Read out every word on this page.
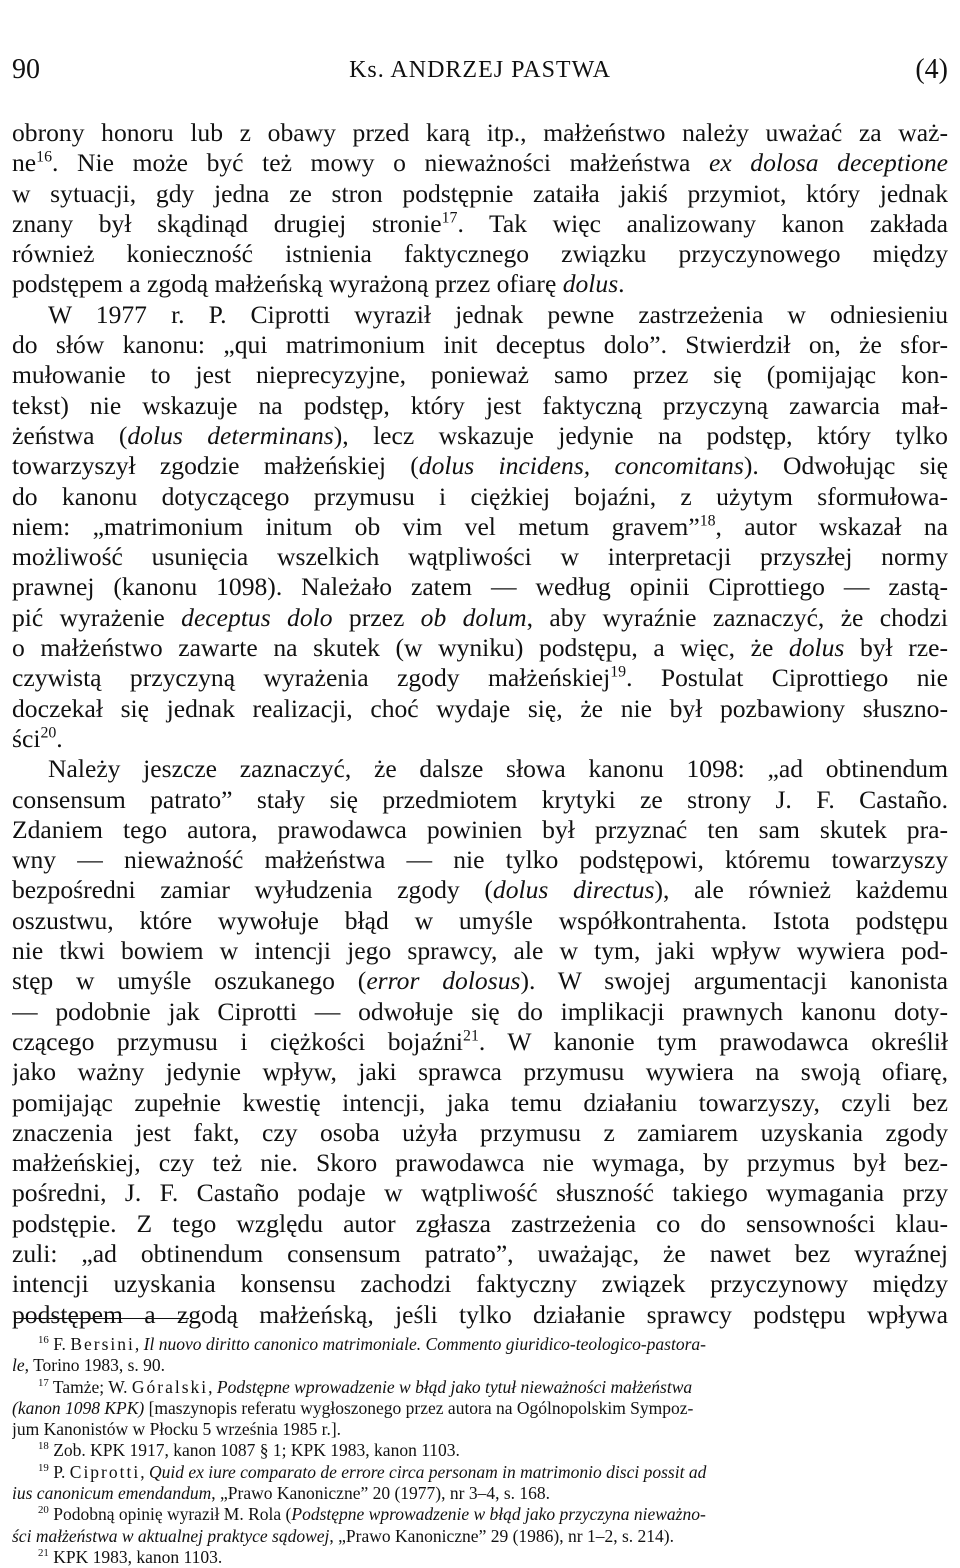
90	Ks. ANDRZEJ PASTWA	(4)

obrony honoru lub z obawy przed karą itp., małżeństwo należy uważać za waż-
$ne^{16}$. Nie może być też mowy o nieważności małżeństwa ex dolosa deceptione
w sytuacji, gdy jedna ze stron podstępnie zataiła jakiś przymiot, który jednak
znany był skądinąd drugiej stronie$^{17}$. Tak więc analizowany kanon zakłada
również konieczność istnienia faktycznego związku przyczynowego między
podstępem a zgodą małżeńską wyrażoną przez ofiarę dolus.

W 1977 r. P. Ciprotti wyraził jednak pewne zastrzeżenia w odniesieniu
do słów kanonu: „qui matrimonium init deceptus dolo”. Stwierdził on, że sfor-
mułowanie to jest nieprecyzyjne, ponieważ samo przez się (pomijając kon-
tekst) nie wskazuje na podstęp, który jest faktyczną przyczyną zawarcia mał-
żeństwa (dolus determinans), lecz wskazuje jedynie na podstęp, który tylko
towarzyszył zgodzie małżeńskiej (dolus incidens, concomitans). Odwołując się
do kanonu dotyczącego przymusu i ciężkiej bojaźni, z użytym sformułowa-
niem: „matrimonium initum ob vim vel metum gravem”$^{18}$, autor wskazał na
możliwość usunięcia wszelkich wątpliwości w interpretacji przyszłej normy
prawnej (kanonu 1098). Należało zatem — według opinii Ciprottiego — zastą-
pić wyrażenie deceptus dolo przez ob dolum, aby wyraźnie zaznaczyć, że chodzi
o małżeństwo zawarte na skutek (w wyniku) podstępu, a więc, że dolus był rze-
czywistą przyczyną wyrażenia zgody małżeńskiej$^{19}$. Postulat Ciprottiego nie
doczekał się jednak realizacji, choć wydaje się, że nie był pozbawiony słuszno-
ści$^{20}$.

Należy jeszcze zaznaczyć, że dalsze słowa kanonu 1098: „ad obtinendum
consensum patrato” stały się przedmiotem krytyki ze strony J. F. Castaño.
Zdaniem tego autora, prawodawca powinien był przyznać ten sam skutek pra-
wny — nieważność małżeństwa — nie tylko podstępowi, któremu towarzyszy
bezpośredni zamiar wyłudzenia zgody (dolus directus), ale również każdemu
oszustwu, które wywołuje błąd w umyśle współkontrahenta. Istota podstępu
nie tkwi bowiem w intencji jego sprawcy, ale w tym, jaki wpływ wywiera pod-
stęp w umyśle oszukanego (error dolosus). W swojej argumentacji kanonista
— podobnie jak Ciprotti — odwołuje się do implikacji prawnych kanonu doty-
czącego przymusu i ciężkości bojaźni$^{21}$. W kanonie tym prawodawca określił
jako ważny jedynie wpływ, jaki sprawca przymusu wywiera na swoją ofiarę,
pomijając zupełnie kwestię intencji, jaka temu działaniu towarzyszy, czyli bez
znaczenia jest fakt, czy osoba użyła przymusu z zamiarem uzyskania zgody
małżeńskiej, czy też nie. Skoro prawodawca nie wymaga, by przymus był bez-
pośredni, J. F. Castaño podaje w wątpliwość słuszność takiego wymagania przy
podstępie. Z tego względu autor zgłasza zastrzeżenia co do sensowności klau-
zuli: „ad obtinendum consensum patrato”, uważając, że nawet bez wyraźnej
intencji uzyskania konsensu zachodzi faktyczny związek przyczynowy między
podstępem a zgodą małżeńską, jeśli tylko działanie sprawcy podstępu wpływa

$^{16}$ F. Bersini, Il nuovo diritto canonico matrimoniale. Commento giuridico-teologico-pastora-
le, Torino 1983, s. 90.
$^{17}$ Tamże; W. Góralski, Podstępne wprowadzenie w błąd jako tytuł nieważności małżeństwa
(kanon 1098 KPK) [maszynopis referatu wygłoszonego przez autora na Ogólnopolskim Sympoz-
jum Kanonistów w Płocku 5 września 1985 r.].
$^{18}$ Zob. KPK 1917, kanon 1087 § 1; KPK 1983, kanon 1103.
$^{19}$ P. Ciprotti, Quid ex iure comparato de errore circa personam in matrimonio disci possit ad
ius canonicum emendandum, „Prawo Kanoniczne” 20 (1977), nr 3–4, s. 168.
$^{20}$ Podobną opinię wyraził M. Rola (Podstępne wprowadzenie w błąd jako przyczyna nieważno-
ści małżeństwa w aktualnej praktyce sądowej, „Prawo Kanoniczne” 29 (1986), nr 1–2, s. 214).
$^{21}$ KPK 1983, kanon 1103.
